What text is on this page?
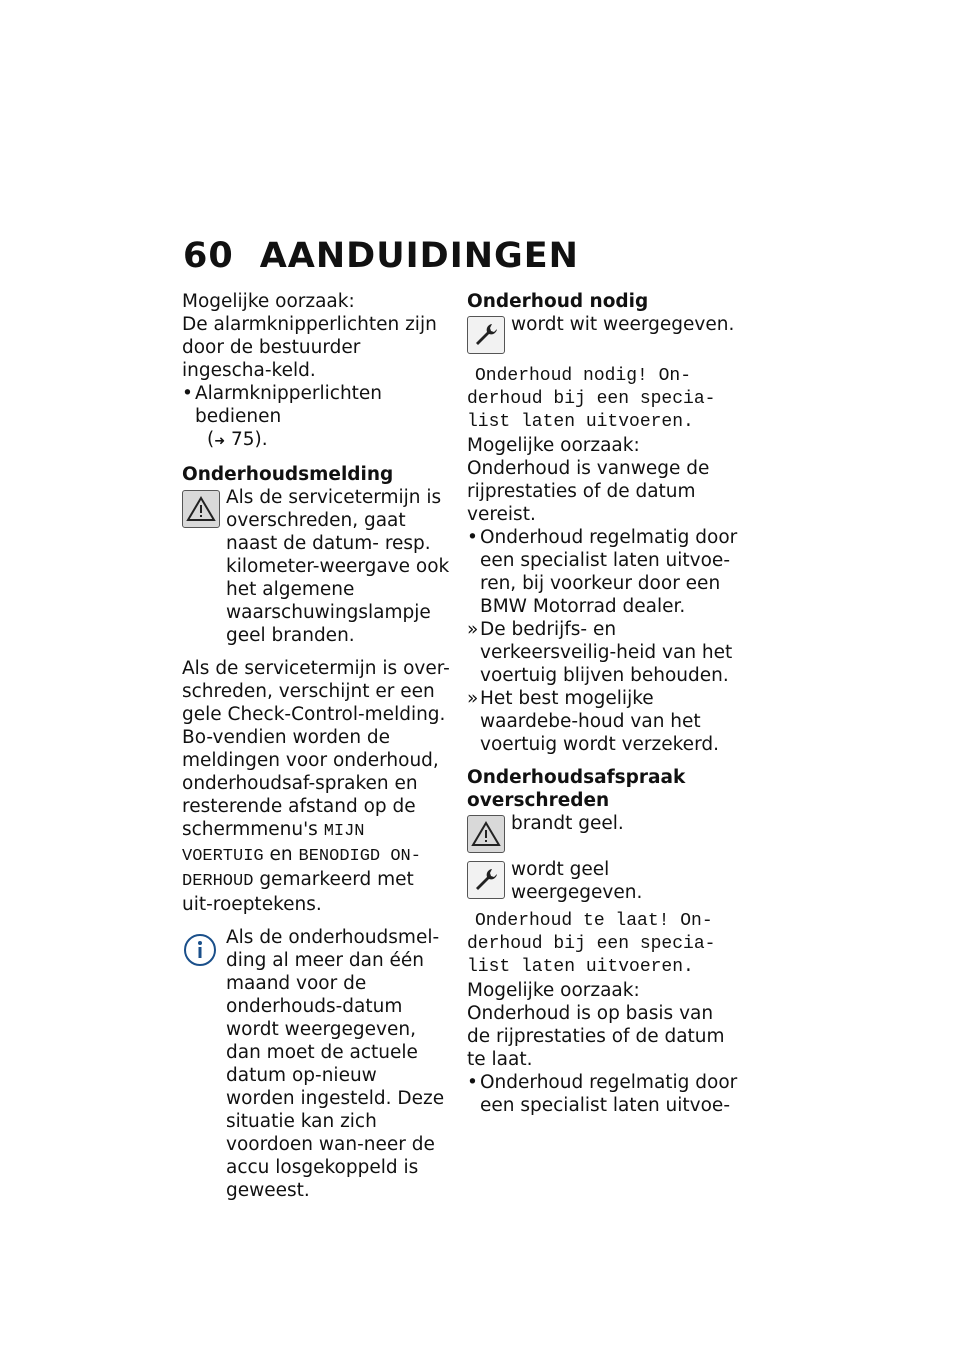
60 AANDUIDINGEN

Mogelijke oorzaak:

De alarmknipperlichten zijn door de bestuurder ingescha-keld.

• Alarmknipperlichten bedienen
(➜ 75).

Onderhoudsmelding

Als de servicetermijn is overschreden, gaat naast de datum- resp. kilometer-weergave ook het algemene waarschuwingslampje geel branden.

Als de servicetermijn is over-schreden, verschijnt er een gele Check-Control-melding. Bo-vendien worden de meldingen voor onderhoud, onderhoudsaf-spraken en resterende afstand op de schermmenu's MIJN VOERTUIG en BENODIGD ON-DERHOUD gemarkeerd met uit-roeptekens.

Als de onderhoudsmel-ding al meer dan één maand voor de onderhouds-datum wordt weergegeven, dan moet de actuele datum op-nieuw worden ingesteld. Deze situatie kan zich voordoen wan-neer de accu losgekoppeld is geweest.

Onderhoud nodig

wordt wit weergegeven.
Onderhoud nodig! On-
derhoud bij een specia-
list laten uitvoeren.

Mogelijke oorzaak:

Onderhoud is vanwege de rijprestaties of de datum vereist.

• Onderhoud regelmatig door een specialist laten uitvoe-ren, bij voorkeur door een BMW Motorrad dealer.
» De bedrijfs- en verkeersveilig-heid van het voertuig blijven behouden.
» Het best mogelijke waardebe-houd van het voertuig wordt verzekerd.

Onderhoudsafspraak overschreden

brandt geel.
wordt geel weergegeven.
Onderhoud te laat! On-
derhoud bij een specia-
list laten uitvoeren.

Mogelijke oorzaak:

Onderhoud is op basis van de rijprestaties of de datum te laat.

• Onderhoud regelmatig door een specialist laten uitvoe-
